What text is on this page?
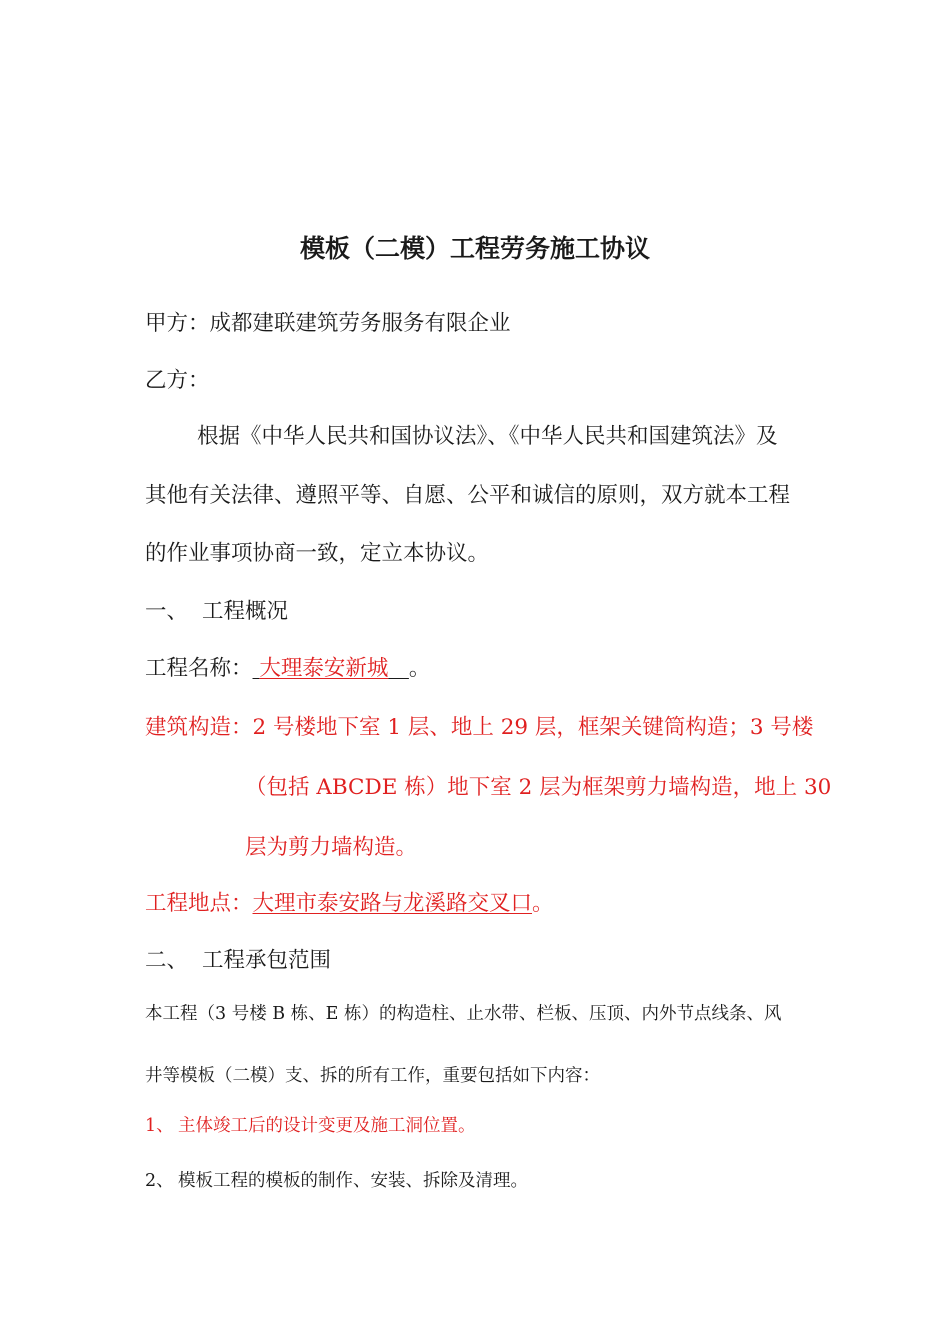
模板（二模）工程劳务施工协议
甲方：成都建联建筑劳务服务有限企业
乙方：
根据《中华人民共和国协议法》、《中华人民共和国建筑法》及
其他有关法律、遵照平等、自愿、公平和诚信的原则，双方就本工程
的作业事项协商一致，定立本协议。
一、 工程概况
工程名称： 大理泰安新城 。
建筑构造：2 号楼地下室 1 层、地上 29 层，框架关键筒构造；3 号楼
（包括 ABCDE 栋）地下室 2 层为框架剪力墙构造，地上 30
层为剪力墙构造。
工程地点：大理市泰安路与龙溪路交叉口。
二、 工程承包范围
本工程（3 号楼 B 栋、E 栋）的构造柱、止水带、栏板、压顶、内外节点线条、风
井等模板（二模）支、拆的所有工作，重要包括如下内容：
1、 主体竣工后的设计变更及施工洞位置。
2、 模板工程的模板的制作、安装、拆除及清理。
